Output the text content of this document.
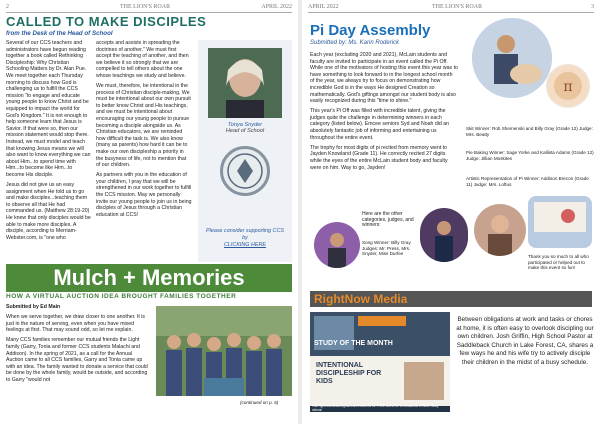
2	THE LION'S ROAR	APRIL 2022
CALLED TO MAKE DISCIPLES
from the Desk of the Head of School

Several of our CCS teachers and administrators have begun reading together a book called Rethinking Discipleship: Why Christian Schooling Matters by Dr. Alan Pue. We meet together each Thursday morning to discuss how God is challenging us to fulfill the CCS mission "to engage and educate young people to know Christ and be equipped to impact the world for God's Kingdom." It is not enough to help someone learn that Jesus is Savior. If that were so, then our mission statement would stop there. Instead, we must model and teach that knowing Jesus means we will also want to know everything we can about Him...to spend time with Him...to become like Him...to become His disciple.

Jesus did not give us an easy assignment when He told us to go and make disciples...teaching them to observe all that He had commanded us. (Matthew 28:19-20) He knew that only disciples would be able to make more disciples. A disciple, according to Merriam-Webster.com, is "one who

accepts and assists in spreading the doctrines of another." We must first accept the teaching of another, and then we believe it so strongly that we are compelled to tell others about the one whose teachings we study and believe.

We must, therefore, be intentional in the process of Christian disciple-making. We must be intentional about our own pursuit to better know Christ and His teachings, and we must be intentional about encouraging our young people to pursue becoming a disciple alongside us. As Christian educators, we are reminded how difficult the task is. We also know (many as parents) how hard it can be to make our own discipleship a priority in the busyness of life, not to mention that of our children.

As partners with you in the education of your children, I pray that we will be strengthened in our work together to fulfill the CCS mission. May we personally invite our young people to join us in being disciples of Jesus through a Christian education at CCS!

Tonya Snyder
Head of School
Please consider supporting CCS by
CLICKING HERE
Mulch + Memories
HOW A VIRTUAL AUCTION IDEA BROUGHT FAMILIES TOGETHER

Submitted by Ed Main

When we serve together, we draw closer to one another. It is just in the nature of serving, even when you have mixed feelings at first. That may sound odd, so let me explain.

Many CCS families remember our mutual friends the Light family (Garry, Tonia and former CCS students Malachi and Addison). In the spring of 2021, as a call for the Annual Auction came to all CCS families, Garry and Tonia came up with an idea. The family wanted to donate a service that could be done by the whole family, would be outside, and according to Garry "would not

(continued on p. 6)
APRIL 2022	THE LION'S ROAR	3
Pi Day Assembly
Submitted by: Ms. Karin Roderick

Each year (excluding 2020 and 2021), McLain students and faculty are invited to participate in an event called the Pi Off. While one of the motivators of hosting this event this year was to have something to look forward to in the longest school month of the year, we always try to focus on demonstrating how incredible God is in the ways He designed Creation so mathematically. God's giftings amongst our student body is also easily recognized during this "time to shine."

This year's Pi Off was filled with incredible talent, giving the judges quite the challenge in determining winners in each category (listed below). Emcee seniors Syd and Noah did an absolutely fantastic job of informing and entertaining us throughout the entire event.

The trophy for most digits of pi recited from memory went to Jayden Knowland (Grade 11). He correctly recited 27 digits while the eyes of the entire McLain student body and faculty were on him. Way to go, Jayden!

π
Skit Winner: Rob Shemenski and Billy Gray (Grade 12) Judge: Mrs. Beatty
Pie Baking Winner: Sage Yorke and Kallista Adams (Grade 12) Judge: Jillian Moskites
Artistic Representation of Pi Winner: Addison Brecon (Grade 11) Judge: Mrs. Loftus
Here are the other categories, judges, and winners:
Song Winner: Billy Gray Judges: Mr. Press, Mrs. Snyder, Miss Durfee
Thank you so much to all who participated or helped out to make this event so fun!
RightNow Media
STUDY OF THE MONTH
INTENTIONAL DISCIPLESHIP FOR KIDS
Visit rightnowmedia.org/account/invite/ccs for FREE ACCESS to thousands of Bible Study videos!
Between obligations at work and tasks or chores at home, it is often easy to overlook discipling our own children. Josh Griffin, High School Pastor at Saddleback Church in Lake Forest, CA, shares a few ways he and his wife try to actively disciple their children in the midst of a busy schedule.
